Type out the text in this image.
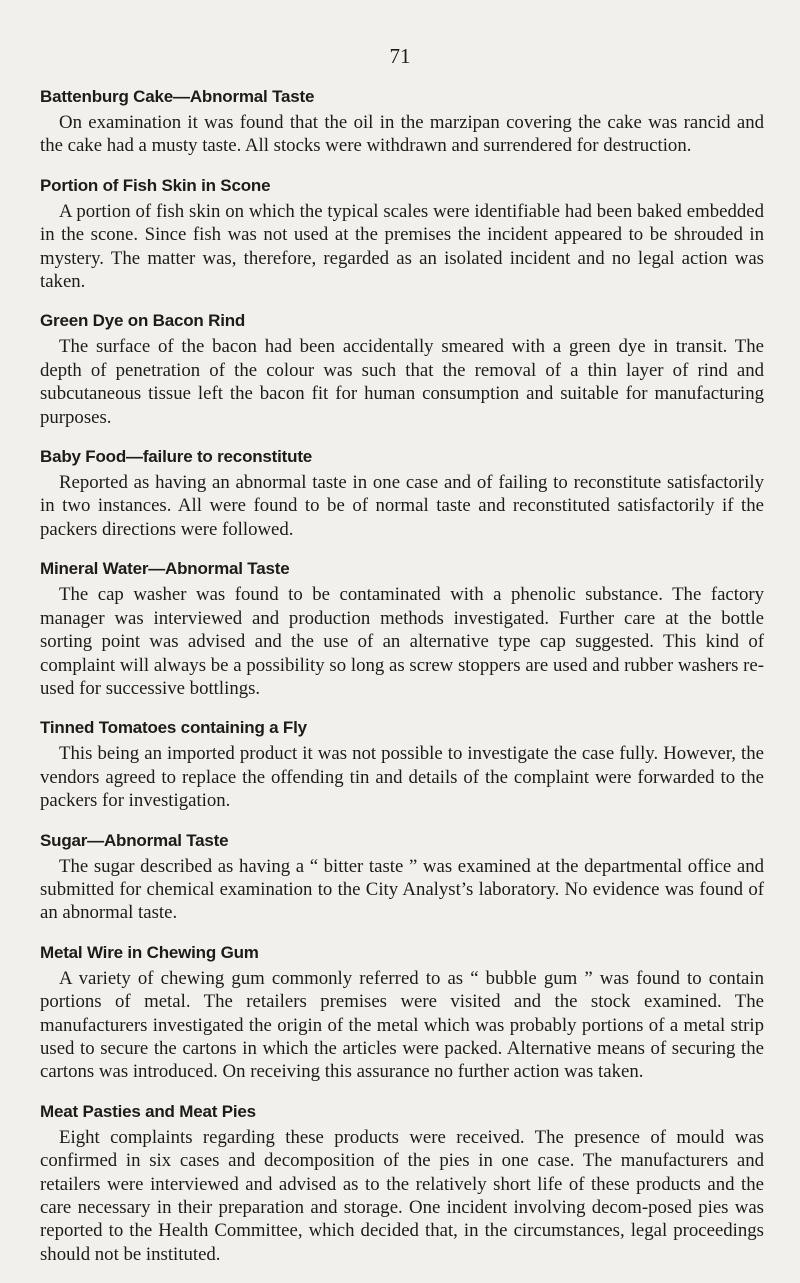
71
Battenburg Cake—Abnormal Taste

On examination it was found that the oil in the marzipan covering the cake was rancid and the cake had a musty taste. All stocks were withdrawn and surrendered for destruction.

Portion of Fish Skin in Scone

A portion of fish skin on which the typical scales were identifiable had been baked embedded in the scone. Since fish was not used at the premises the incident appeared to be shrouded in mystery. The matter was, therefore, regarded as an isolated incident and no legal action was taken.

Green Dye on Bacon Rind

The surface of the bacon had been accidentally smeared with a green dye in transit. The depth of penetration of the colour was such that the removal of a thin layer of rind and subcutaneous tissue left the bacon fit for human consumption and suitable for manufacturing purposes.

Baby Food—failure to reconstitute

Reported as having an abnormal taste in one case and of failing to reconstitute satisfactorily in two instances. All were found to be of normal taste and reconstituted satisfactorily if the packers directions were followed.

Mineral Water—Abnormal Taste

The cap washer was found to be contaminated with a phenolic substance. The factory manager was interviewed and production methods investigated. Further care at the bottle sorting point was advised and the use of an alternative type cap suggested. This kind of complaint will always be a possibility so long as screw stoppers are used and rubber washers re-used for successive bottlings.

Tinned Tomatoes containing a Fly

This being an imported product it was not possible to investigate the case fully. However, the vendors agreed to replace the offending tin and details of the complaint were forwarded to the packers for investigation.

Sugar—Abnormal Taste

The sugar described as having a “ bitter taste ” was examined at the departmental office and submitted for chemical examination to the City Analyst’s laboratory. No evidence was found of an abnormal taste.

Metal Wire in Chewing Gum

A variety of chewing gum commonly referred to as “ bubble gum ” was found to contain portions of metal. The retailers premises were visited and the stock examined. The manufacturers investigated the origin of the metal which was probably portions of a metal strip used to secure the cartons in which the articles were packed. Alternative means of securing the cartons was introduced. On receiving this assurance no further action was taken.

Meat Pasties and Meat Pies

Eight complaints regarding these products were received. The presence of mould was confirmed in six cases and decomposition of the pies in one case. The manufacturers and retailers were interviewed and advised as to the relatively short life of these products and the care necessary in their preparation and storage. One incident involving decom-posed pies was reported to the Health Committee, which decided that, in the circumstances, legal proceedings should not be instituted.
